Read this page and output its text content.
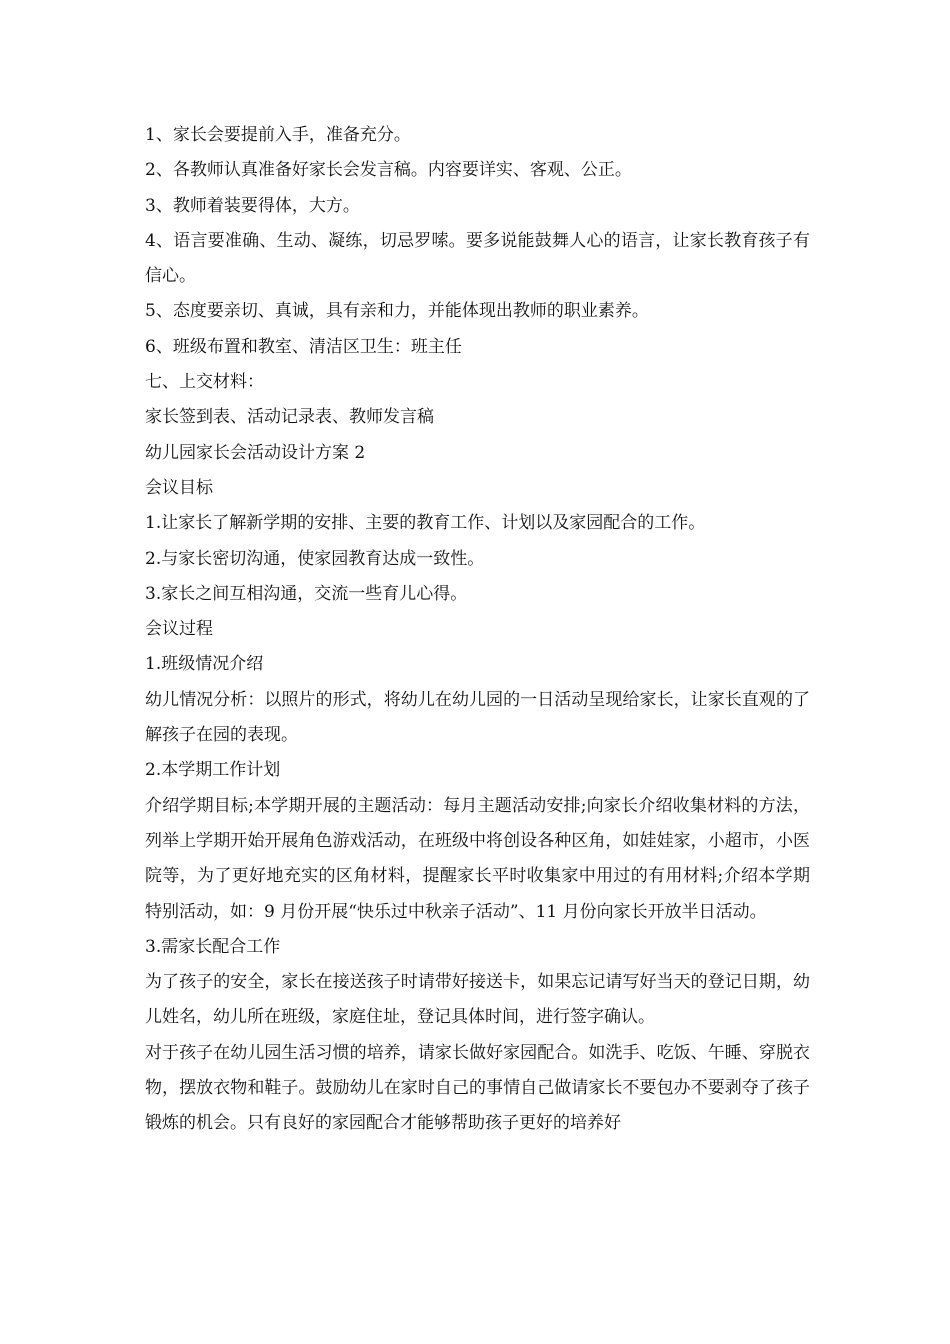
1、家长会要提前入手，准备充分。

2、各教师认真准备好家长会发言稿。内容要详实、客观、公正。

3、教师着装要得体，大方。

4、语言要准确、生动、凝练，切忌罗嗦。要多说能鼓舞人心的语言，让家长教育孩子有信心。

5、态度要亲切、真诚，具有亲和力，并能体现出教师的职业素养。

6、班级布置和教室、清洁区卫生：班主任

七、上交材料：

家长签到表、活动记录表、教师发言稿

幼儿园家长会活动设计方案 2

会议目标

1.让家长了解新学期的安排、主要的教育工作、计划以及家园配合的工作。

2.与家长密切沟通，使家园教育达成一致性。

3.家长之间互相沟通，交流一些育儿心得。

会议过程

1.班级情况介绍

幼儿情况分析：以照片的形式，将幼儿在幼儿园的一日活动呈现给家长，让家长直观的了解孩子在园的表现。

2.本学期工作计划

介绍学期目标;本学期开展的主题活动：每月主题活动安排;向家长介绍收集材料的方法，列举上学期开始开展角色游戏活动，在班级中将创设各种区角，如娃娃家，小超市，小医院等，为了更好地充实的区角材料，提醒家长平时收集家中用过的有用材料;介绍本学期特别活动，如：9 月份开展“快乐过中秋亲子活动”、11 月份向家长开放半日活动。

3.需家长配合工作

为了孩子的安全，家长在接送孩子时请带好接送卡，如果忘记请写好当天的登记日期，幼儿姓名，幼儿所在班级，家庭住址，登记具体时间，进行签字确认。

对于孩子在幼儿园生活习惯的培养，请家长做好家园配合。如洗手、吃饭、午睡、穿脱衣物，摆放衣物和鞋子。鼓励幼儿在家时自己的事情自己做请家长不要包办不要剥夺了孩子锻炼的机会。只有良好的家园配合才能够帮助孩子更好的培养好
